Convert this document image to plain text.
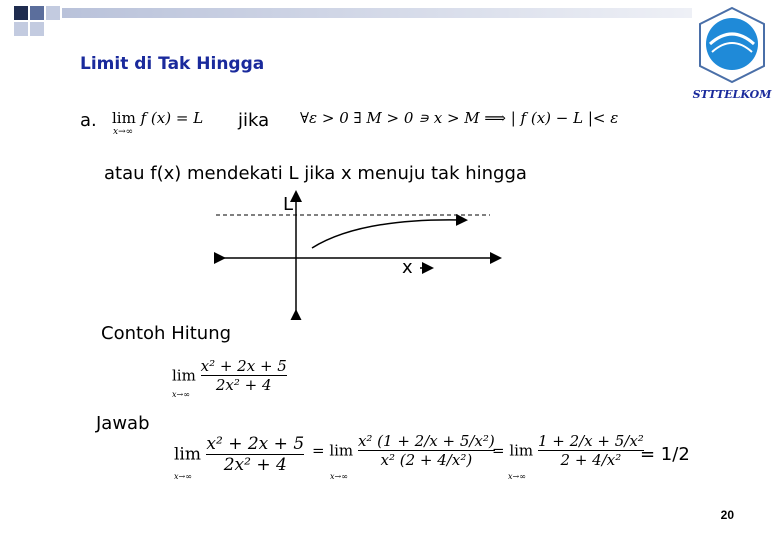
STTTELKOM
Limit di Tak Hingga
a. lim f (x) = L
x→∞
jika ∀ε > 0 ∃ M > 0 ∍ x > M ⟹ | f (x) − L |< ε
atau f(x) mendekati L jika x menuju tak hingga
L
x
Contoh Hitung
$\lim \frac{\text{x² + 2x + 5}}{\text{2x² + 4}}$
x→∞
Jawab
$\lim \frac{\text{x² + 2x + 5}}{\text{2x² + 4}}$
x→∞
= $\lim \frac{\text{x² (1 + 2/x + 5/x²)}}{\text{x² (2 + 4/x²)}}$
x→∞
= $\lim \frac{\text{1 + 2/x + 5/x²}}{\text{2 + 4/x²}}$
x→∞
= 1/2
20
